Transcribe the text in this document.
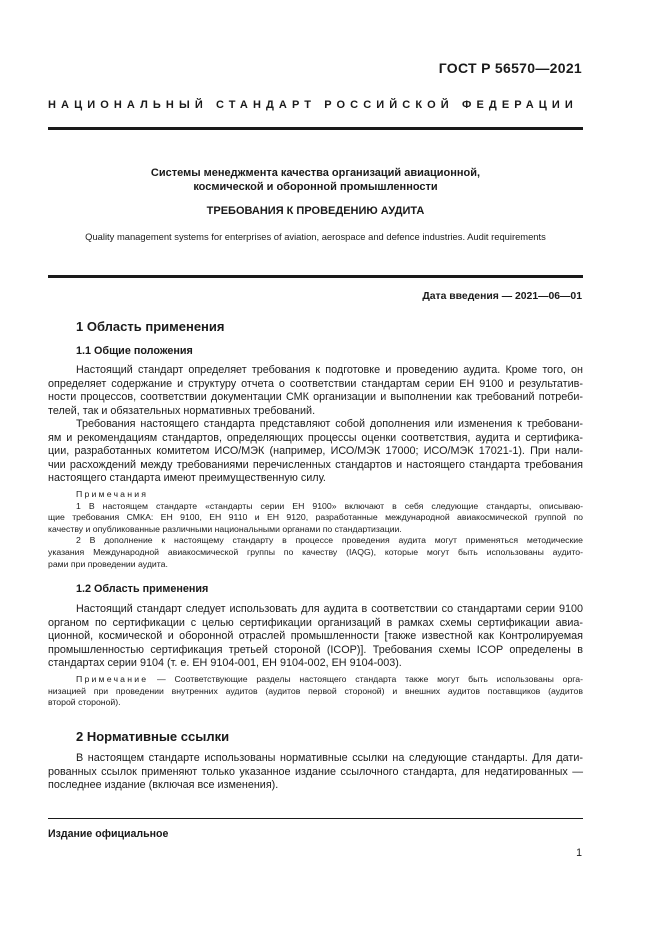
ГОСТ Р 56570—2021
НАЦИОНАЛЬНЫЙ СТАНДАРТ РОССИЙСКОЙ ФЕДЕРАЦИИ
Системы менеджмента качества организаций авиационной,
космической и оборонной промышленности
ТРЕБОВАНИЯ К ПРОВЕДЕНИЮ АУДИТА
Quality management systems for enterprises of aviation, aerospace and defence industries. Audit requirements
Дата введения — 2021—06—01
1 Область применения
1.1 Общие положения
Настоящий стандарт определяет требования к подготовке и проведению аудита. Кроме того, он
определяет содержание и структуру отчета о соответствии стандартам серии ЕН 9100 и результатив-
ности процессов, соответствии документации СМК организации и выполнении как требований потреби-
телей, так и обязательных нормативных требований.
Требования настоящего стандарта представляют собой дополнения или изменения к требовани-
ям и рекомендациям стандартов, определяющих процессы оценки соответствия, аудита и сертифика-
ции, разработанных комитетом ИСО/МЭК (например, ИСО/МЭК 17000; ИСО/МЭК 17021-1). При нали-
чии расхождений между требованиями перечисленных стандартов и настоящего стандарта требования
настоящего стандарта имеют преимущественную силу.
Примечания
1 В настоящем стандарте «стандарты серии ЕН 9100» включают в себя следующие стандарты, описываю-
щие требования СМКА: ЕН 9100, ЕН 9110 и ЕН 9120, разработанные международной авиакосмической группой по
качеству и опубликованные различными национальными органами по стандартизации.
2 В дополнение к настоящему стандарту в процессе проведения аудита могут применяться методические
указания Международной авиакосмической группы по качеству (IAQG), которые могут быть использованы аудито-
рами при проведении аудита.
1.2 Область применения
Настоящий стандарт следует использовать для аудита в соответствии со стандартами серии 9100
органом по сертификации с целью сертификации организаций в рамках схемы сертификации авиа-
ционной, космической и оборонной отраслей промышленности [также известной как Контролируемая
промышленностью сертификация третьей стороной (ICOP)]. Требования схемы ICOP определены в
стандартах серии 9104 (т. е. ЕН 9104-001, ЕН 9104-002, ЕН 9104-003).
Примечание — Соответствующие разделы настоящего стандарта также могут быть использованы орга-
низацией при проведении внутренних аудитов (аудитов первой стороной) и внешних аудитов поставщиков (аудитов
второй стороной).
2 Нормативные ссылки
В настоящем стандарте использованы нормативные ссылки на следующие стандарты. Для дати-
рованных ссылок применяют только указанное издание ссылочного стандарта, для недатированных —
последнее издание (включая все изменения).
Издание официальное
1
